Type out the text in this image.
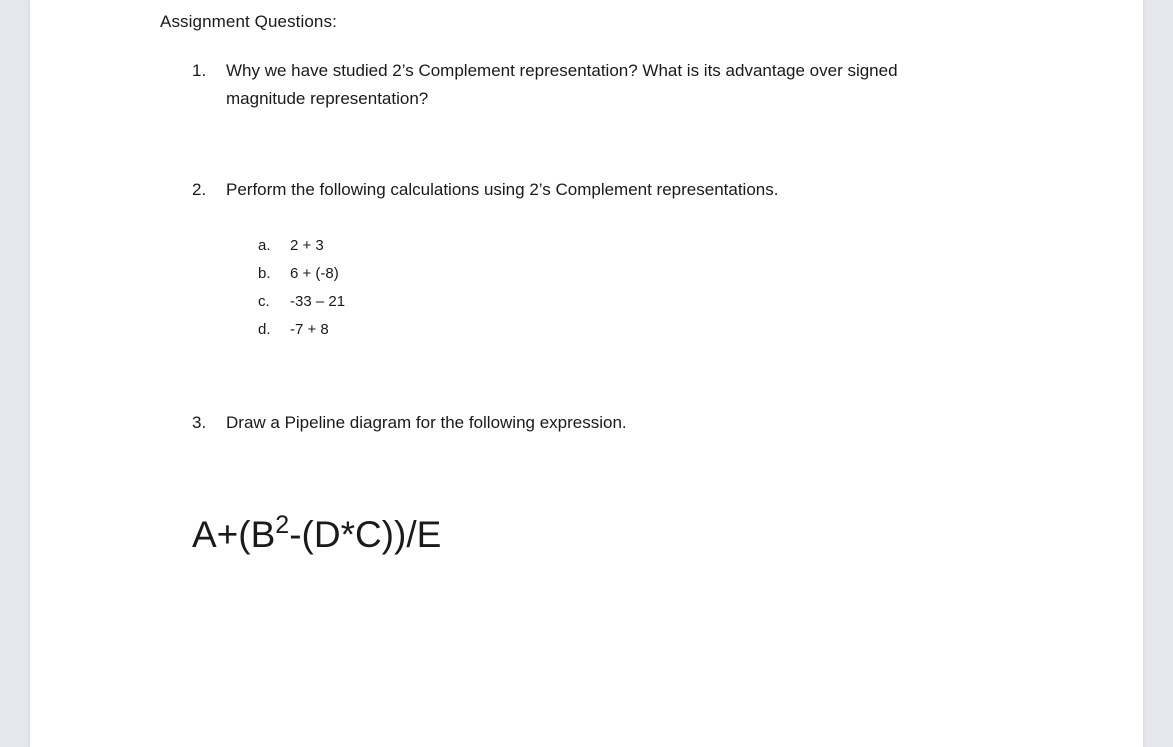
Assignment Questions:
1.	Why we have studied 2’s Complement representation? What is its advantage over signed
magnitude representation?
2.	Perform the following calculations using 2’s Complement representations.
a.	2 + 3
b.	6 + (-8)
c.	-33 – 21
d.	-7 + 8
3.	Draw a Pipeline diagram for the following expression.
$A+(B^2-(D*C))/E$
